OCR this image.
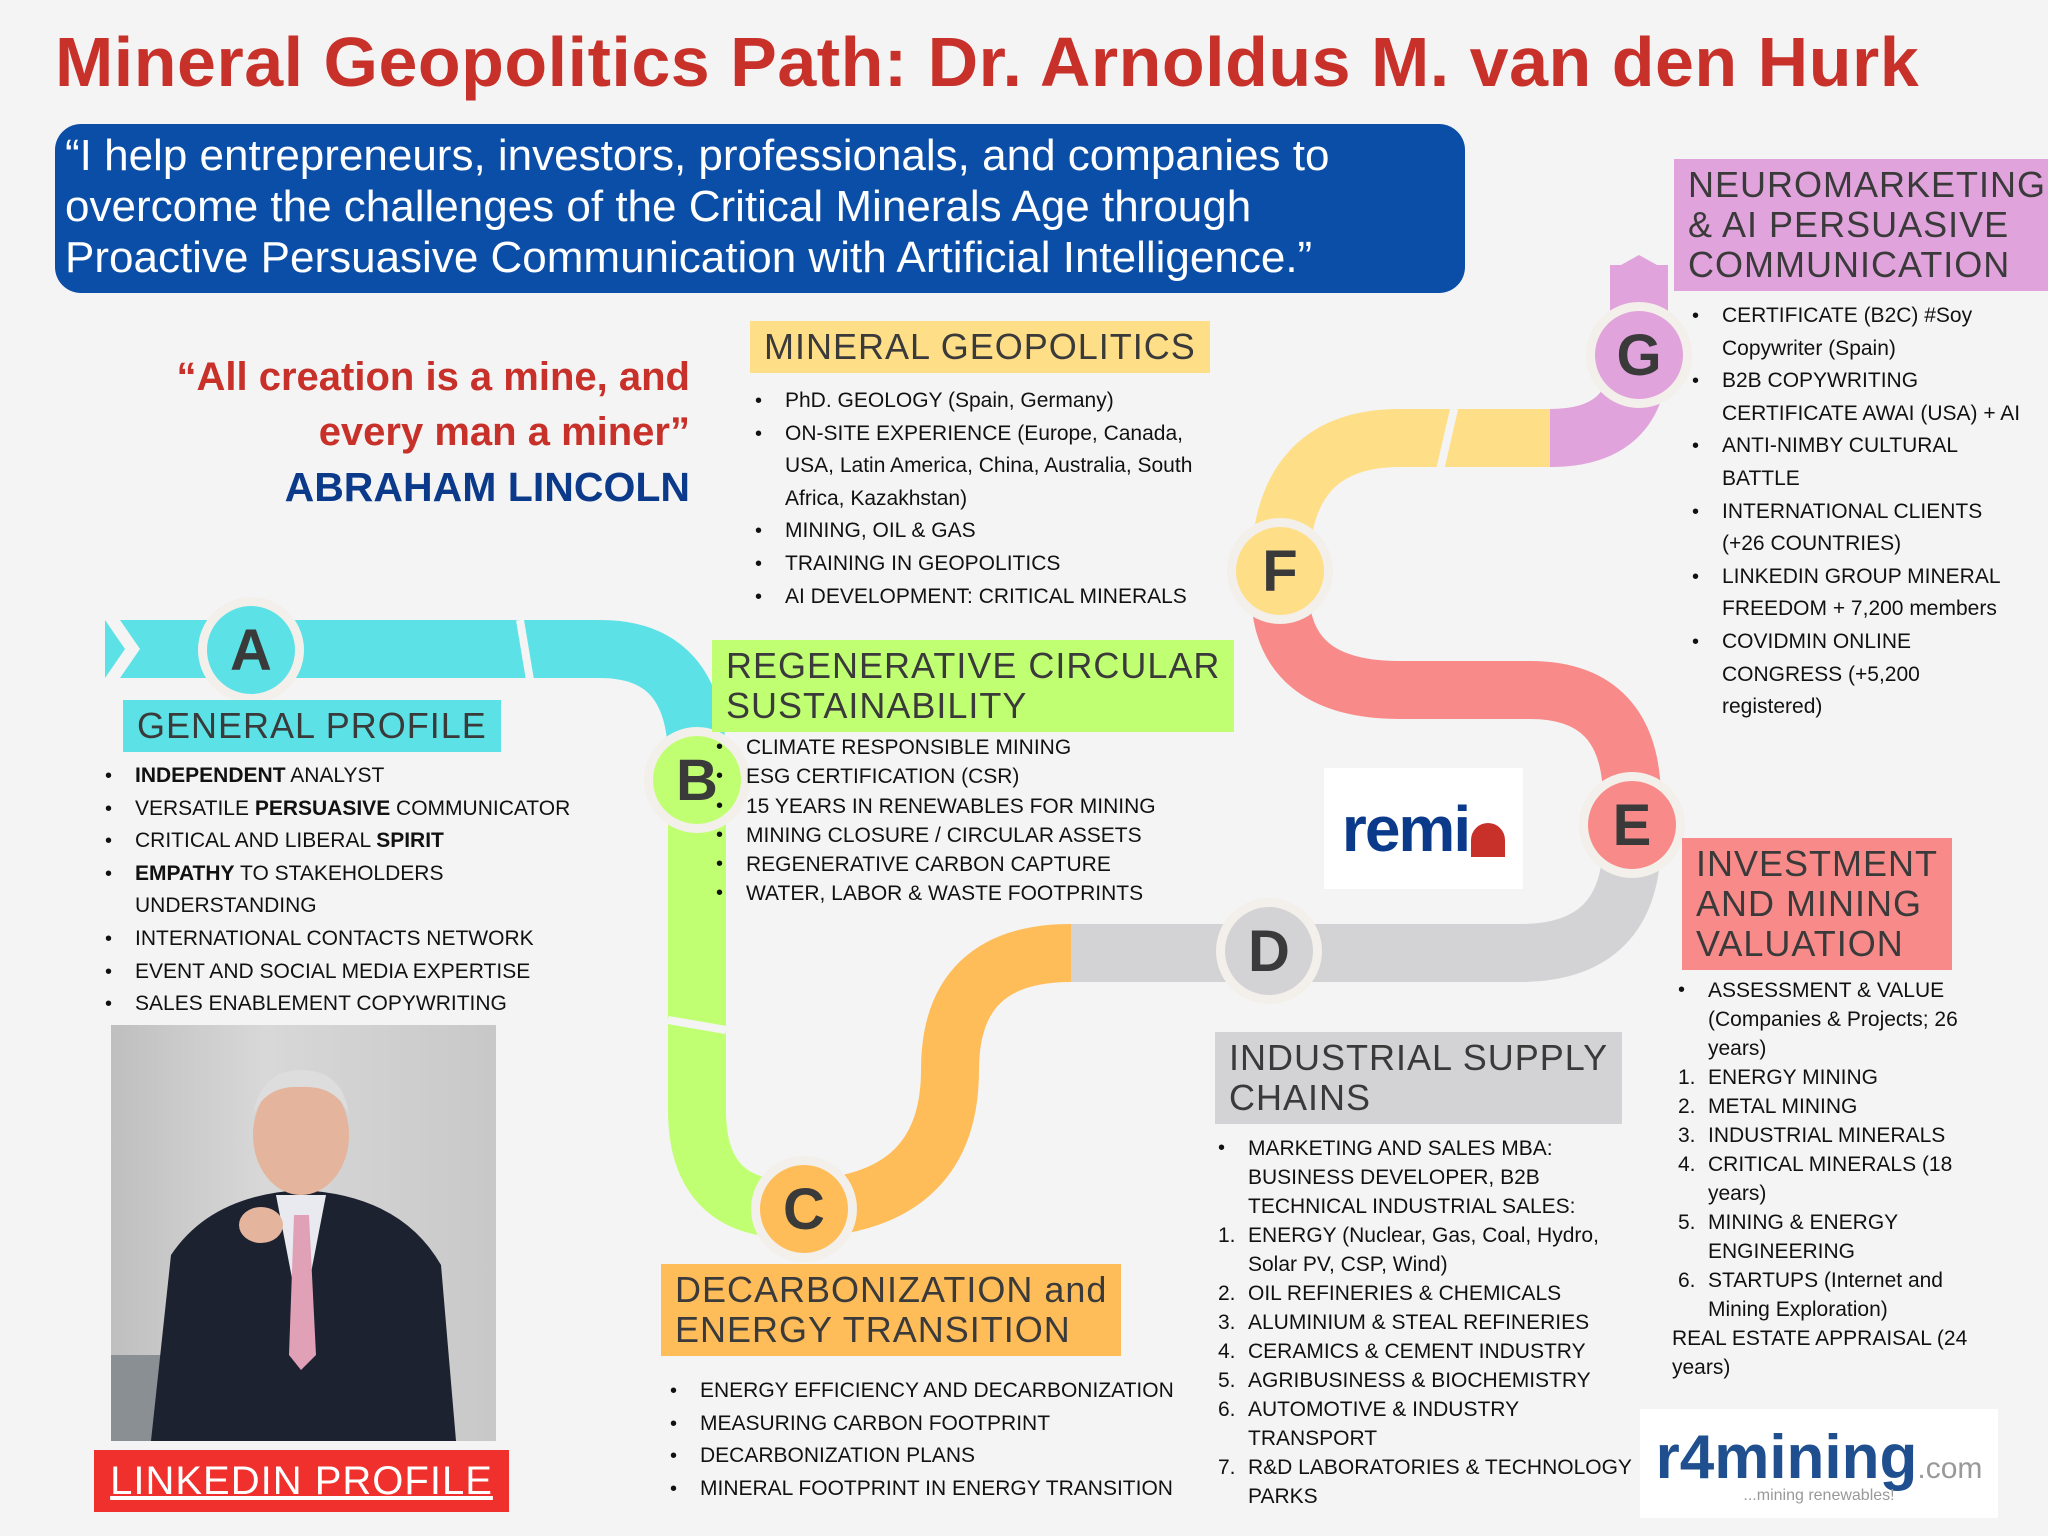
Mineral Geopolitics Path: Dr. Arnoldus M. van den Hurk
“I help entrepreneurs, investors, professionals, and companies to
overcome the challenges of the Critical Minerals Age through
Proactive Persuasive Communication with Artificial Intelligence.”
“All creation is a mine, and
every man a miner”
ABRAHAM LINCOLN
A
B
C
D
E
F
G
GENERAL PROFILE
• INDEPENDENT ANALYST
• VERSATILE PERSUASIVE COMMUNICATOR
• CRITICAL AND LIBERAL SPIRIT
• EMPATHY TO STAKEHOLDERS UNDERSTANDING
• INTERNATIONAL CONTACTS NETWORK
• EVENT AND SOCIAL MEDIA EXPERTISE
• SALES ENABLEMENT COPYWRITING
MINERAL GEOPOLITICS
• PhD. GEOLOGY (Spain, Germany)
• ON-SITE EXPERIENCE (Europe, Canada, USA, Latin America, China, Australia, South Africa, Kazakhstan)
• MINING, OIL & GAS
• TRAINING IN GEOPOLITICS
• AI DEVELOPMENT: CRITICAL MINERALS
REGENERATIVE CIRCULAR
SUSTAINABILITY
• CLIMATE RESPONSIBLE MINING
• ESG CERTIFICATION (CSR)
• 15 YEARS IN RENEWABLES FOR MINING
• MINING CLOSURE / CIRCULAR ASSETS
• REGENERATIVE CARBON CAPTURE
• WATER, LABOR & WASTE FOOTPRINTS
DECARBONIZATION and
ENERGY TRANSITION
• ENERGY EFFICIENCY AND DECARBONIZATION
• MEASURING CARBON FOOTPRINT
• DECARBONIZATION PLANS
• MINERAL FOOTPRINT IN ENERGY TRANSITION
INDUSTRIAL SUPPLY
CHAINS
• MARKETING AND SALES MBA: BUSINESS DEVELOPER, B2B TECHNICAL INDUSTRIAL SALES:
1. ENERGY (Nuclear, Gas, Coal, Hydro, Solar PV, CSP, Wind)
2. OIL REFINERIES & CHEMICALS
3. ALUMINIUM & STEAL REFINERIES
4. CERAMICS & CEMENT INDUSTRY
5. AGRIBUSINESS & BIOCHEMISTRY
6. AUTOMOTIVE & INDUSTRY TRANSPORT
7. R&D LABORATORIES & TECHNOLOGY PARKS
INVESTMENT
AND MINING
VALUATION
• ASSESSMENT & VALUE (Companies & Projects; 26 years)
1. ENERGY MINING
2. METAL MINING
3. INDUSTRIAL MINERALS
4. CRITICAL MINERALS (18 years)
5. MINING & ENERGY ENGINEERING
6. STARTUPS (Internet and Mining Exploration)
REAL ESTATE APPRAISAL (24 years)
NEUROMARKETING
& AI PERSUASIVE
COMMUNICATION
• CERTIFICATE (B2C) #Soy Copywriter (Spain)
• B2B COPYWRITING CERTIFICATE AWAI (USA) + AI
• ANTI-NIMBY CULTURAL BATTLE
• INTERNATIONAL CLIENTS (+26 COUNTRIES)
• LINKEDIN GROUP MINERAL FREEDOM + 7,200 members
• COVIDMIN ONLINE CONGRESS (+5,200 registered)
LINKEDIN PROFILE
remi
r4mining.com
...mining renewables!
